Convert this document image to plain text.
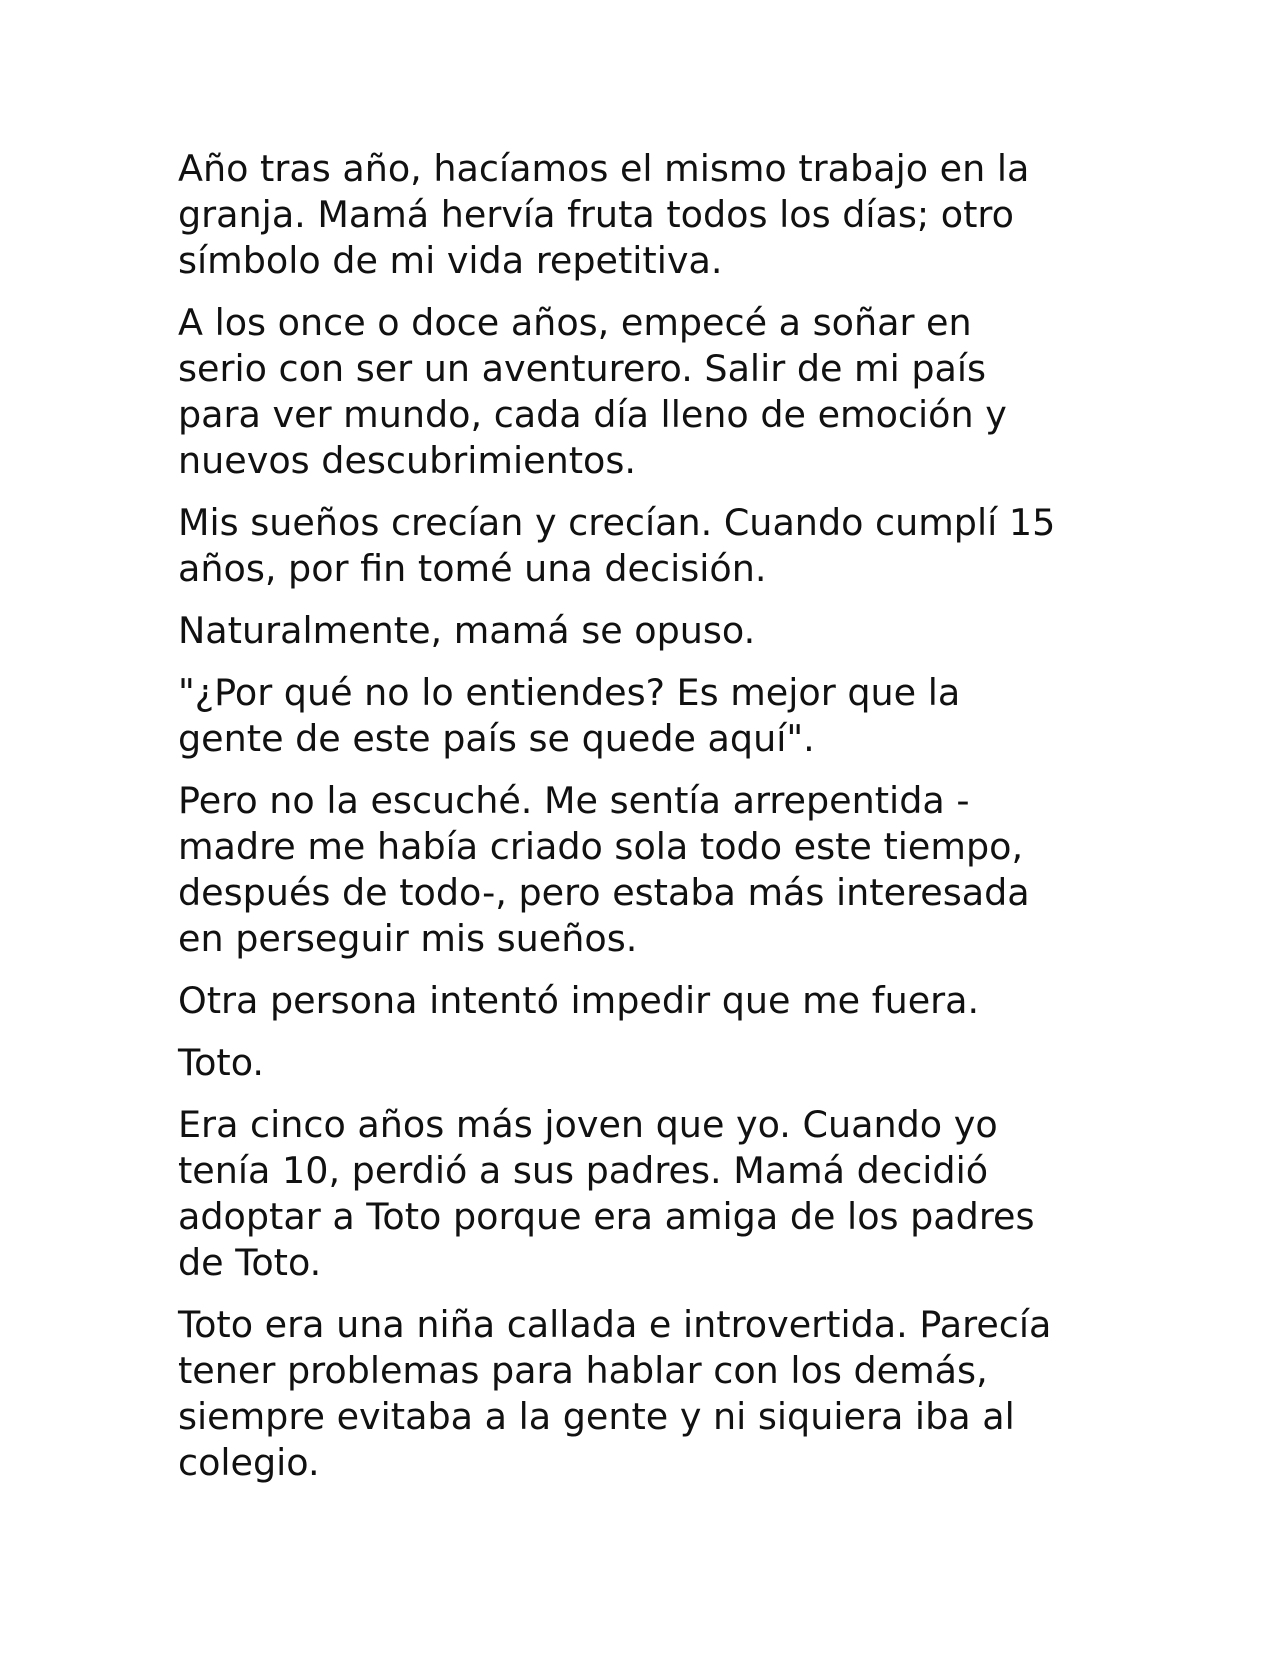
Año tras año, hacíamos el mismo trabajo en la
granja. Mamá hervía fruta todos los días; otro
símbolo de mi vida repetitiva.

A los once o doce años, empecé a soñar en
serio con ser un aventurero. Salir de mi país
para ver mundo, cada día lleno de emoción y
nuevos descubrimientos.

Mis sueños crecían y crecían. Cuando cumplí 15
años, por fin tomé una decisión.

Naturalmente, mamá se opuso.

"¿Por qué no lo entiendes? Es mejor que la
gente de este país se quede aquí".

Pero no la escuché. Me sentía arrepentida -
madre me había criado sola todo este tiempo,
después de todo-, pero estaba más interesada
en perseguir mis sueños.

Otra persona intentó impedir que me fuera.

Toto.

Era cinco años más joven que yo. Cuando yo
tenía 10, perdió a sus padres. Mamá decidió
adoptar a Toto porque era amiga de los padres
de Toto.

Toto era una niña callada e introvertida. Parecía
tener problemas para hablar con los demás,
siempre evitaba a la gente y ni siquiera iba al
colegio.
